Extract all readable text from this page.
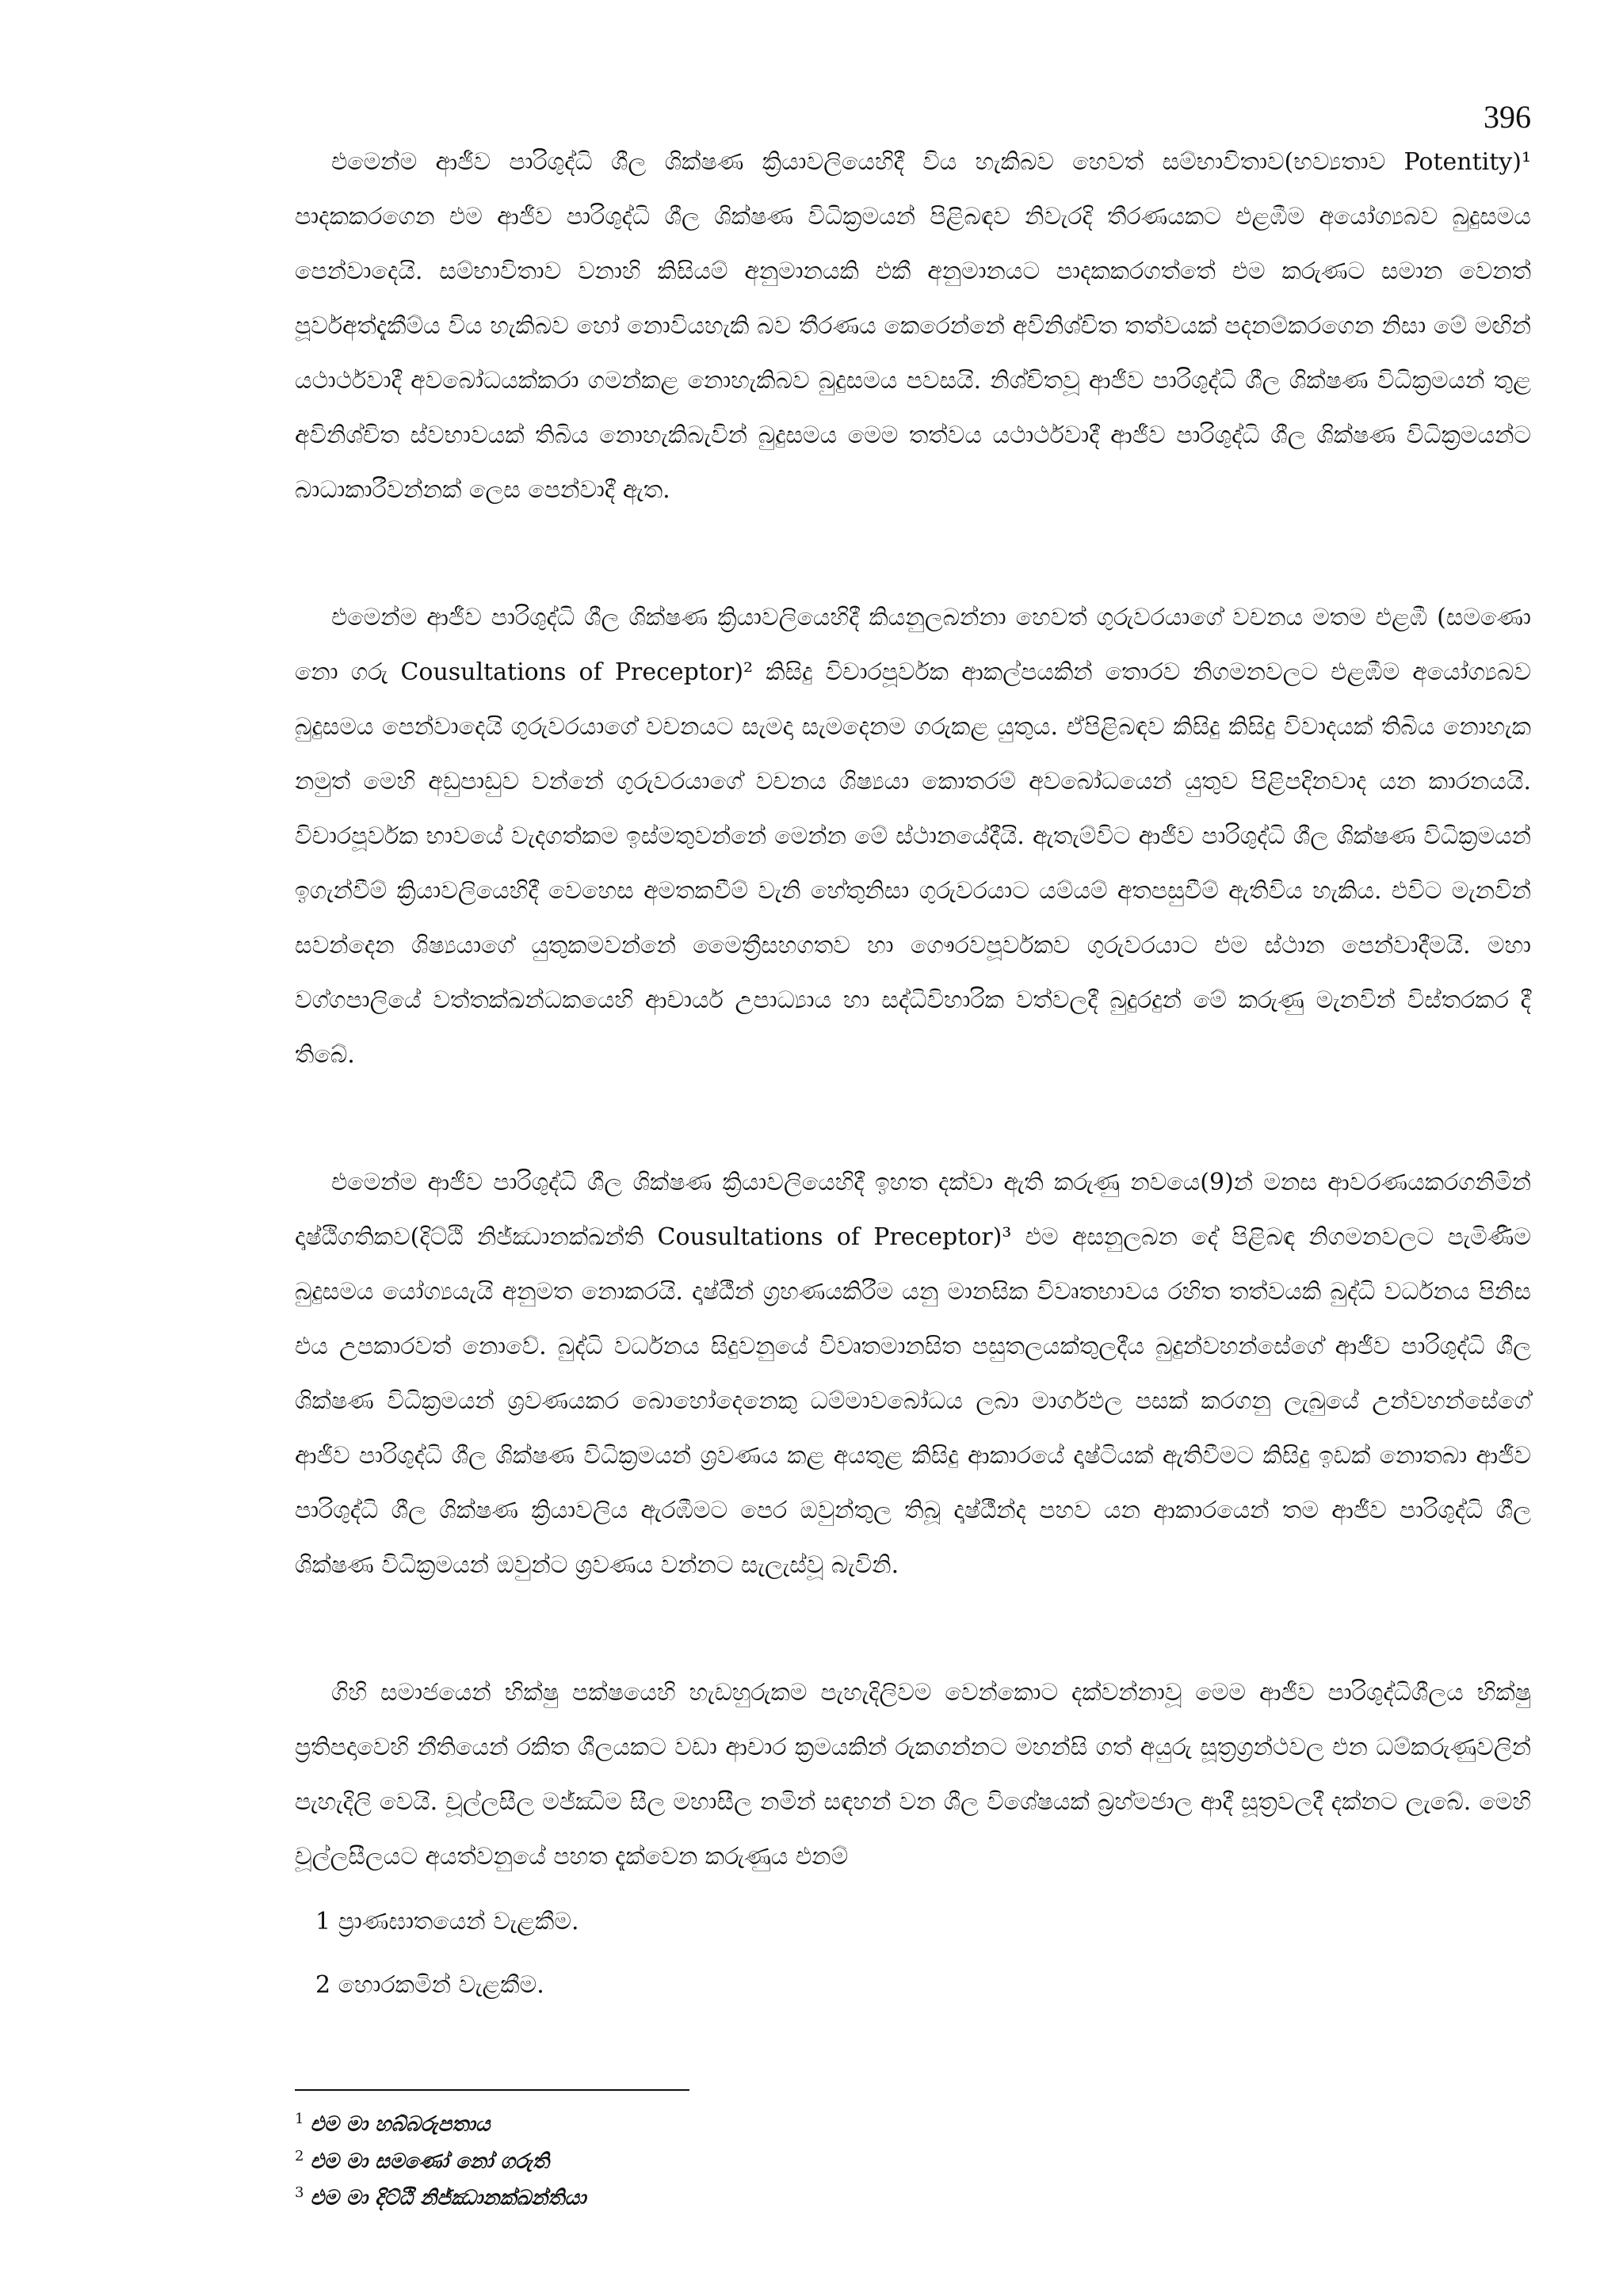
396

එමෙන්ම ආජීව පාරිශුද්ධි ශීල ශික්ෂණ ක්‍රියාවලියෙහිදී විය හැකිබව හෙවත් සම්භාවිතාව(භව්‍යතාව Potentity)¹ පාදකකරගෙන එම ආජීව පාරිශුද්ධි ශීල ශික්ෂණ විධික්‍රමයන් පිළිබඳව නිවැරදි තීරණයකට එළඹීම අයෝග්‍යබව බුදුසමය පෙන්වාදෙයි. සම්භාවිතාව වනාහි කිසියම් අනුමානයකි එකී අනුමානයට පාදකකරගත්තේ එම කරුණට සමාන වෙනත් පූර්වඅත්දැකීම්ය විය හැකිබව හෝ නොවියහැකි බව තීරණය කෙරෙන්නේ අවිනිශ්චිත තත්වයක් පදනම්කරගෙන නිසා මේ මඟින් යථාර්ථවාදී අවබෝධයක්කරා ගමන්කළ නොහැකිබව බුදුසමය පවසයි. නිශ්චිතවූ ආජීව පාරිශුද්ධි ශීල ශික්ෂණ විධික්‍රමයන් තුළ අවිනිශ්චිත ස්වභාවයක් තිබිය නොහැකිබැවින් බුදුසමය මෙම තත්වය යථාර්ථවාදී ආජීව පාරිශුද්ධි ශීල ශික්ෂණ විධික්‍රමයන්ට බාධාකාරීවන්නක් ලෙස පෙන්වාදී ඇත.

එමෙන්ම ආජීව පාරිශුද්ධි ශීල ශික්ෂණ ක්‍රියාවලියෙහිදී කියනුලබන්නා හෙවත් ගුරුවරයාගේ වචනය මතම එළඹී (සමණො නො ගරු Cousultations of Preceptor)² කිසිදු විචාරපූර්වක ආකල්පයකින් තොරව නිගමනවලට එළඹීම අයෝග්‍යබව බුදුසමය පෙන්වාදෙයි ගුරුවරයාගේ වචනයට සැමදා සැමදෙනම ගරුකළ යුතුය. ඒපිළිබඳව කිසිදු කිසිදු විවාදයක් තිබිය නොහැක නමුත් මෙහි අඩුපාඩුව වන්නේ ගුරුවරයාගේ වචනය ශිෂ්‍යයා කොතරම් අවබෝධයෙන් යුතුව පිළිපදිනවාද යන කාරනයයි. විචාරපූර්වක භාවයේ වැදගත්කම ඉස්මතුවන්නේ මෙන්න මේ ස්ථානයේදීයි. ඇතැම්විට ආජීව පාරිශුද්ධි ශීල ශික්ෂණ විධික්‍රමයන් ඉගැන්වීම් ක්‍රියාවලියෙහිදී වෙහෙස අමතකවීම් වැනි හේතුනිසා ගුරුවරයාට යම්යම් අතපසුවීම් ඇතිවිය හැකිය. එවිට මැනවින් සවන්දෙන ශිෂ්‍යයාගේ යුතුකමවන්නේ මෛත්‍රීසහගතව හා ගෞරවපූර්වකව ගුරුවරයාට එම ස්ථාන පෙන්වාදීමයි. මහා වග්ගපාලියේ වත්තක්ඛන්ධකයෙහි ආචාර්ය උපාධ්‍යාය හා සද්ධිවිහාරික වත්වලදී බුදුරදුන් මේ කරුණු මැනවින් විස්තරකර දී තිබේ.

එමෙන්ම ආජීව පාරිශුද්ධි ශීල ශික්ෂණ ක්‍රියාවලියෙහිදී ඉහත දක්වා ඇති කරුණු නවයෙ(9)න් මනස ආවරණයකරගනිමින් දෘෂ්ඨිගතිකව(දිට්ඨි නිජ්ඣානක්ඛන්ති Cousultations of Preceptor)³ එම අසනුලබන දේ පිළිබඳ නිගමනවලට පැමිණීම බුදුසමය යෝග්‍යයැයි අනුමත නොකරයි. දෘෂ්ඨීන් ග්‍රහණයකිරීම යනු මානසික විවෘතභාවය රහිත තත්වයකි බුද්ධි වර්ධනය පිනිස එය උපකාරවත් නොවේ. බුද්ධි වර්ධනය සිදුවනුයේ විවෘතමානසිත පසුතලයක්තුලදීය බුදුන්වහන්සේගේ ආජීව පාරිශුද්ධි ශීල ශික්ෂණ විධික්‍රමයන් ශ්‍රවණයකර බොහෝදෙනෙකු ධම්මාවබෝධය ලබා මාර්ගඵල පසක් කරගනු ලැබුයේ උන්වහන්සේගේ ආජීව පාරිශුද්ධි ශීල ශික්ෂණ විධික්‍රමයන් ශ්‍රවණය කළ අයතුළ කිසිදු ආකාරයේ දෘෂ්ටියක් ඇතිවීමට කිසිදු ඉඩක් නොතබා ආජීව පාරිශුද්ධි ශීල ශික්ෂණ ක්‍රියාවලිය ඇරඹීමට පෙර ඔවුන්තුල තිබූ දෘෂ්ඨීන්ද පහව යන ආකාරයෙන් තම ආජීව පාරිශුද්ධි ශීල ශික්ෂණ විධික්‍රමයන් ඔවුන්ට ශ්‍රවණය වන්නට සැලැස්වූ බැවිනි.

ගිහි සමාජයෙන් භික්ෂු පක්ෂයෙහි හැඩහුරුකම පැහැදිලිවම වෙන්කොට දක්වන්නාවූ මෙම ආජීව පාරිශුද්ධිශීලය භික්ෂු ප්‍රතිපදාවෙහි නීතියෙන් රකිත ශීලයකට වඩා ආචාර ක්‍රමයකින් රුකගන්නට මහන්සි ගත් අයුරු සූත්‍රග්‍රන්ථවල එන ධම්කරුණුවලින් පැහැදිලි වෙයි. චූල්ලසීල මජ්ඣිම සීල මහාසීල නමින් සඳහන් වන ශීල විශේෂයක් බ්‍රහ්මජාල ආදී සූත්‍රවලදී දක්නට ලැබේ. මෙහි චූල්ලසීලයට අයත්වනුයේ පහත දැක්වෙන කරුණුය එනම්

1 ප්‍රාණඝාතයෙන් වැළකීම.
2 හොරකමින් වැළකීම.
$^1$ එම මා හබ්බරුපතාය
$^2$ එම මා සමණෝ නෝ ගරුති
$^3$ එම මා දිට්ඨි නිජ්ඣානක්ඛන්තියා
